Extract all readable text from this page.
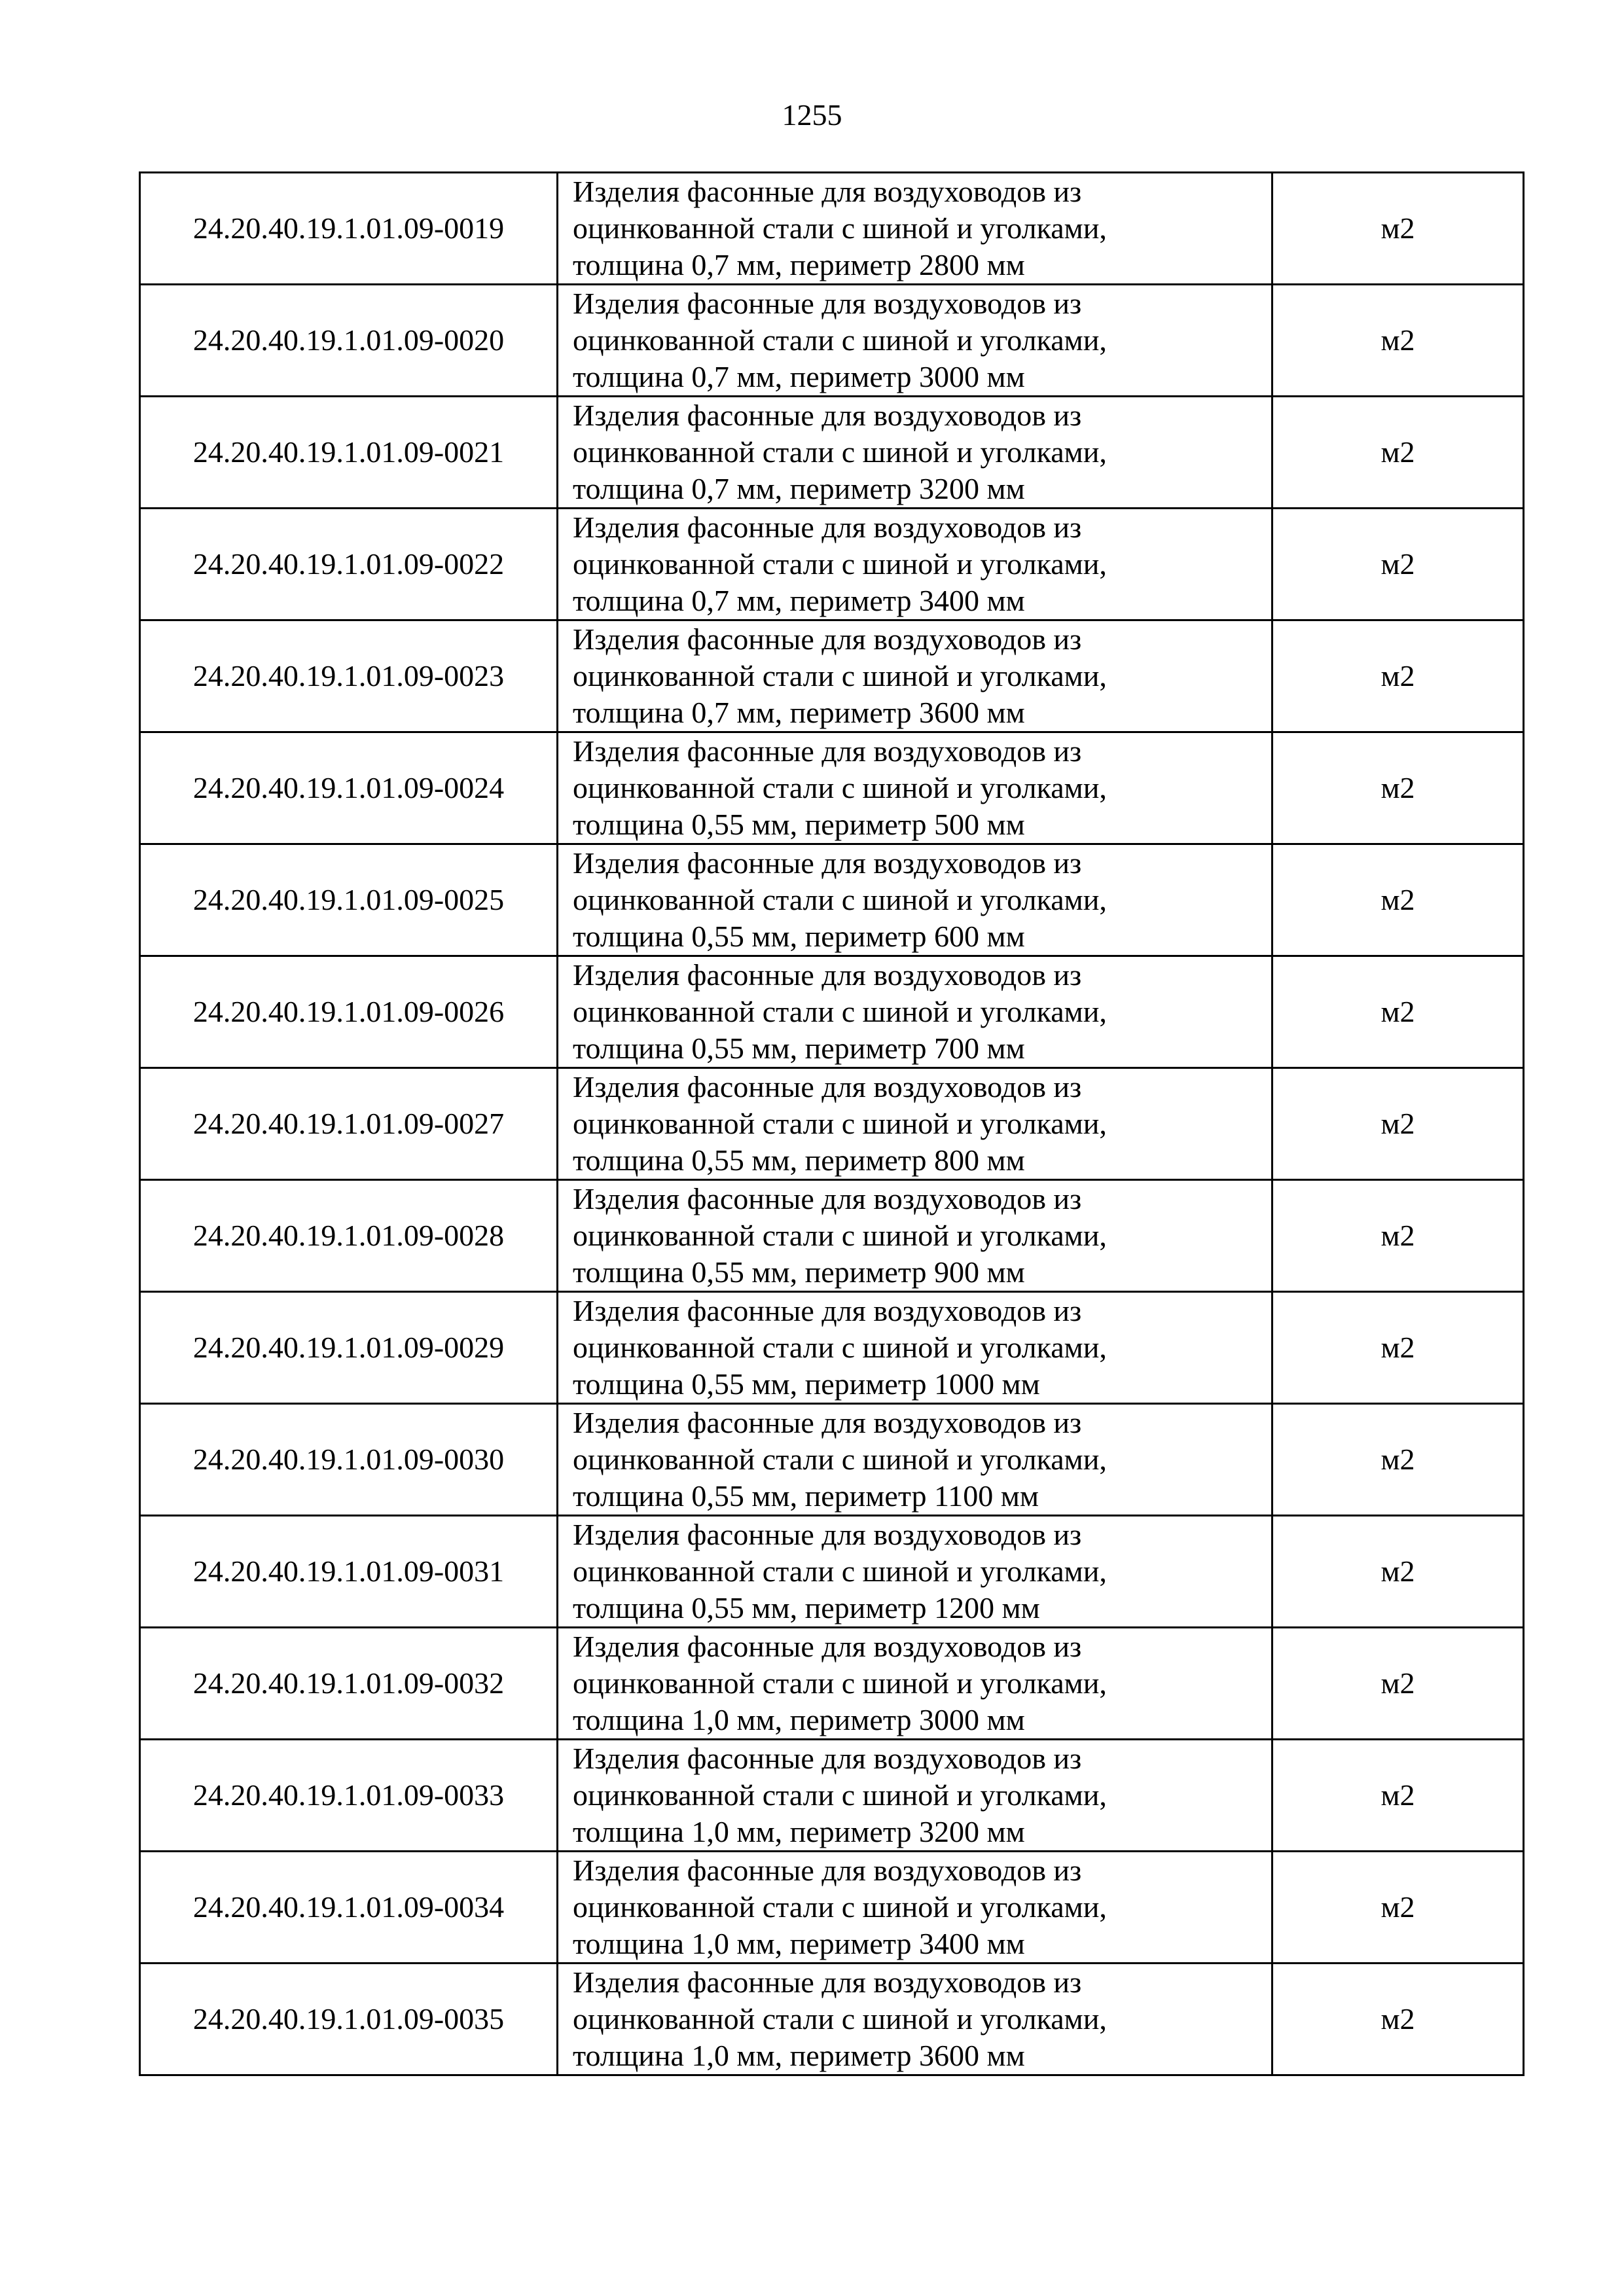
1255
24.20.40.19.1.01.09-0019	Изделия фасонные для воздуховодов из
оцинкованной стали с шиной и уголками,
толщина 0,7 мм, периметр 2800 мм	м2
24.20.40.19.1.01.09-0020	Изделия фасонные для воздуховодов из
оцинкованной стали с шиной и уголками,
толщина 0,7 мм, периметр 3000 мм	м2
24.20.40.19.1.01.09-0021	Изделия фасонные для воздуховодов из
оцинкованной стали с шиной и уголками,
толщина 0,7 мм, периметр 3200 мм	м2
24.20.40.19.1.01.09-0022	Изделия фасонные для воздуховодов из
оцинкованной стали с шиной и уголками,
толщина 0,7 мм, периметр 3400 мм	м2
24.20.40.19.1.01.09-0023	Изделия фасонные для воздуховодов из
оцинкованной стали с шиной и уголками,
толщина 0,7 мм, периметр 3600 мм	м2
24.20.40.19.1.01.09-0024	Изделия фасонные для воздуховодов из
оцинкованной стали с шиной и уголками,
толщина 0,55 мм, периметр 500 мм	м2
24.20.40.19.1.01.09-0025	Изделия фасонные для воздуховодов из
оцинкованной стали с шиной и уголками,
толщина 0,55 мм, периметр 600 мм	м2
24.20.40.19.1.01.09-0026	Изделия фасонные для воздуховодов из
оцинкованной стали с шиной и уголками,
толщина 0,55 мм, периметр 700 мм	м2
24.20.40.19.1.01.09-0027	Изделия фасонные для воздуховодов из
оцинкованной стали с шиной и уголками,
толщина 0,55 мм, периметр 800 мм	м2
24.20.40.19.1.01.09-0028	Изделия фасонные для воздуховодов из
оцинкованной стали с шиной и уголками,
толщина 0,55 мм, периметр 900 мм	м2
24.20.40.19.1.01.09-0029	Изделия фасонные для воздуховодов из
оцинкованной стали с шиной и уголками,
толщина 0,55 мм, периметр 1000 мм	м2
24.20.40.19.1.01.09-0030	Изделия фасонные для воздуховодов из
оцинкованной стали с шиной и уголками,
толщина 0,55 мм, периметр 1100 мм	м2
24.20.40.19.1.01.09-0031	Изделия фасонные для воздуховодов из
оцинкованной стали с шиной и уголками,
толщина 0,55 мм, периметр 1200 мм	м2
24.20.40.19.1.01.09-0032	Изделия фасонные для воздуховодов из
оцинкованной стали с шиной и уголками,
толщина 1,0 мм, периметр 3000 мм	м2
24.20.40.19.1.01.09-0033	Изделия фасонные для воздуховодов из
оцинкованной стали с шиной и уголками,
толщина 1,0 мм, периметр 3200 мм	м2
24.20.40.19.1.01.09-0034	Изделия фасонные для воздуховодов из
оцинкованной стали с шиной и уголками,
толщина 1,0 мм, периметр 3400 мм	м2
24.20.40.19.1.01.09-0035	Изделия фасонные для воздуховодов из
оцинкованной стали с шиной и уголками,
толщина 1,0 мм, периметр 3600 мм	м2
